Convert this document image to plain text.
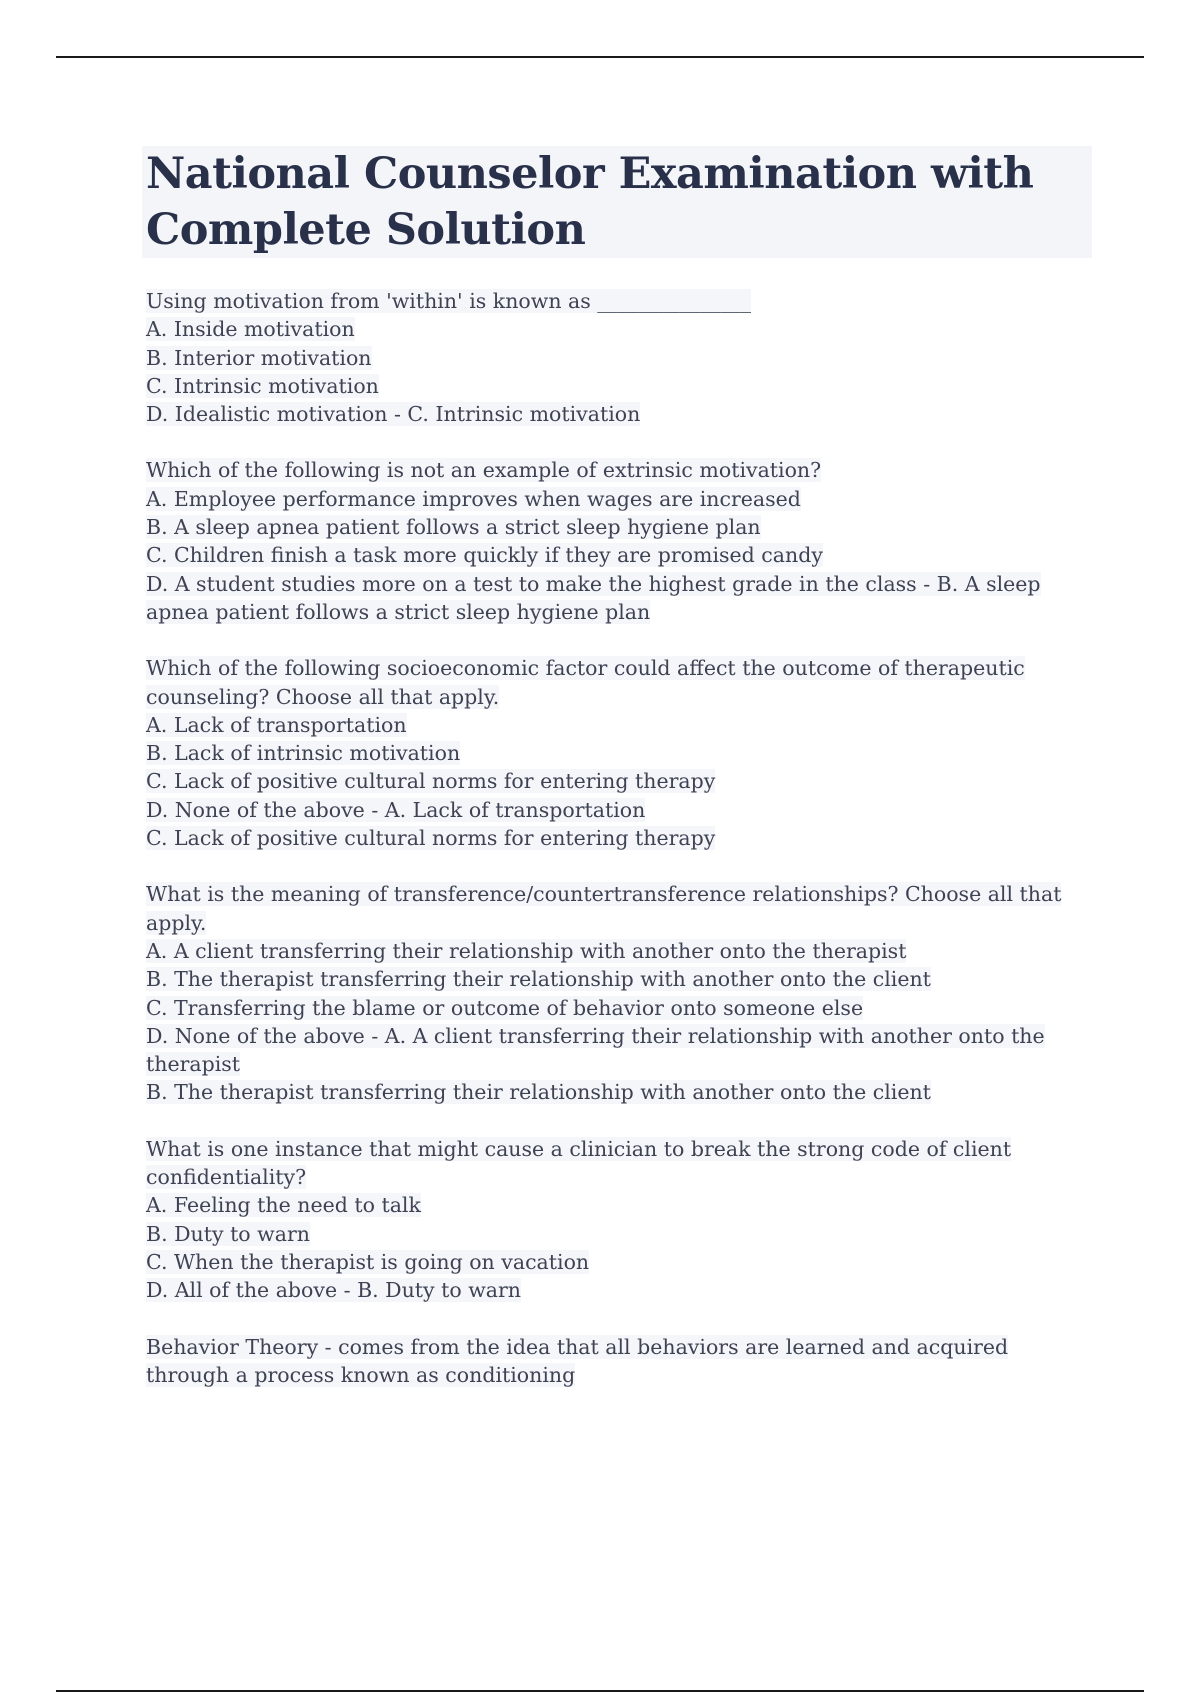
National Counselor Examination with Complete Solution
Using motivation from 'within' is known as _______________
A. Inside motivation
B. Interior motivation
C. Intrinsic motivation
D. Idealistic motivation - C. Intrinsic motivation
Which of the following is not an example of extrinsic motivation?
A. Employee performance improves when wages are increased
B. A sleep apnea patient follows a strict sleep hygiene plan
C. Children finish a task more quickly if they are promised candy
D. A student studies more on a test to make the highest grade in the class - B. A sleep apnea patient follows a strict sleep hygiene plan
Which of the following socioeconomic factor could affect the outcome of therapeutic counseling? Choose all that apply.
A. Lack of transportation
B. Lack of intrinsic motivation
C. Lack of positive cultural norms for entering therapy
D. None of the above - A. Lack of transportation
C. Lack of positive cultural norms for entering therapy
What is the meaning of transference/countertransference relationships? Choose all that apply.
A. A client transferring their relationship with another onto the therapist
B. The therapist transferring their relationship with another onto the client
C. Transferring the blame or outcome of behavior onto someone else
D. None of the above - A. A client transferring their relationship with another onto the therapist
B. The therapist transferring their relationship with another onto the client
What is one instance that might cause a clinician to break the strong code of client confidentiality?
A. Feeling the need to talk
B. Duty to warn
C. When the therapist is going on vacation
D. All of the above - B. Duty to warn
Behavior Theory - comes from the idea that all behaviors are learned and acquired through a process known as conditioning
